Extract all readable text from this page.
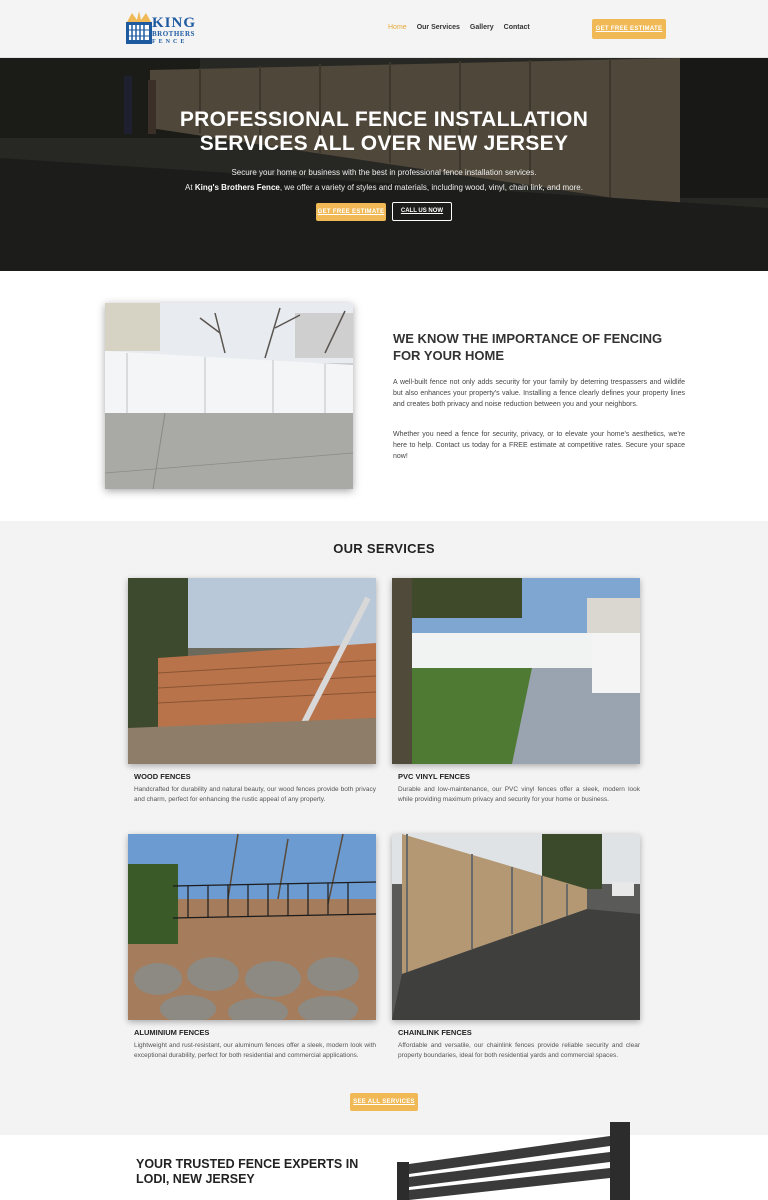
KING
BROTHERS
FENCE
Home Our Services Gallery Contact	GET FREE ESTIMATE
PROFESSIONAL FENCE INSTALLATION
SERVICES ALL OVER NEW JERSEY
Secure your home or business with the best in professional fence installation services.
At King's Brothers Fence, we offer a variety of styles and materials, including wood, vinyl, chain link, and more.
GET FREE ESTIMATE	CALL US NOW
WE KNOW THE IMPORTANCE OF FENCING FOR YOUR HOME

A well-built fence not only adds security for your family by deterring trespassers and wildlife but also enhances your property's value. Installing a fence clearly defines your property lines and creates both privacy and noise reduction between you and your neighbors.

Whether you need a fence for security, privacy, or to elevate your home's aesthetics, we're here to help. Contact us today for a FREE estimate at competitive rates. Secure your space now!

OUR SERVICES
WOOD FENCES

Handcrafted for durability and natural beauty, our wood fences provide both privacy and charm, perfect for enhancing the rustic appeal of any property.

PVC VINYL FENCES

Durable and low-maintenance, our PVC vinyl fences offer a sleek, modern look while providing maximum privacy and security for your home or business.

ALUMINIUM FENCES

Lightweight and rust-resistant, our aluminum fences offer a sleek, modern look with exceptional durability, perfect for both residential and commercial applications.

CHAINLINK FENCES

Affordable and versatile, our chainlink fences provide reliable security and clear property boundaries, ideal for both residential yards and commercial spaces.

SEE ALL SERVICES
YOUR TRUSTED FENCE EXPERTS IN
LODI, NEW JERSEY
